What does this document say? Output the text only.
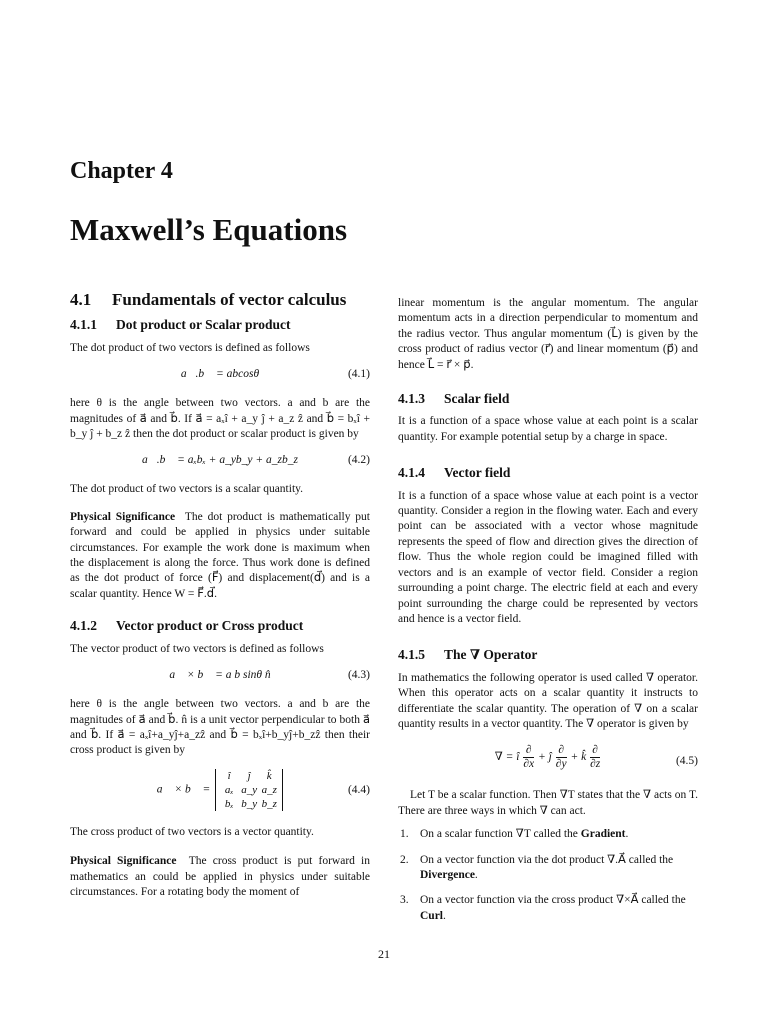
Chapter 4
Maxwell’s Equations
4.1 Fundamentals of vector calculus
4.1.1 Dot product or Scalar product

The dot product of two vectors is defined as follows

a⃗.b⃗ = abcosθ	(4.1)

here θ is the angle between two vectors. a and b are the magnitudes of a⃗ and b⃗. If a⃗ = aₓî + a_y ĵ + a_z ẑ and b⃗ = bₓî + b_y ĵ + b_z ẑ then the dot product or scalar product is given by

a⃗.b⃗ = aₓbₓ + a_yb_y + a_zb_z	(4.2)

The dot product of two vectors is a scalar quantity.

Physical Significance The dot product is mathematically put forward and could be applied in physics under suitable circumstances. For example the work done is maximum when the displacement is along the force. Thus work done is defined as the dot product of force (F⃗) and displacement(d⃗) and is a scalar quantity. Hence W = F⃗.d⃗.

4.1.2 Vector product or Cross product

The vector product of two vectors is defined as follows

a⃗ × b⃗ = a b sinθ n̂	(4.3)

here θ is the angle between two vectors. a and b are the magnitudes of a⃗ and b⃗. n̂ is a unit vector perpendicular to both a⃗ and b⃗. If a⃗ = aₓî+a_yĵ+a_zẑ and b⃗ = bₓî+b_yĵ+b_zẑ then their cross product is given by

a⃗ × b⃗ = î ĵ k̂
aₓ a_y a_z
bₓ b_y b_z
(4.4)

The cross product of two vectors is a vector quantity.

Physical Significance The cross product is put forward in mathematics an could be applied in physics under suitable circumstances. For a rotating body the moment of

linear momentum is the angular momentum. The angular momentum acts in a direction perpendicular to momentum and the radius vector. Thus angular momentum (L⃗) is given by the cross product of radius vector (r⃗) and linear momentum (p⃗) and hence L⃗ = r⃗ × p⃗.

4.1.3 Scalar field

It is a function of a space whose value at each point is a scalar quantity. For example potential setup by a charge in space.

4.1.4 Vector field

It is a function of a space whose value at each point is a vector quantity. Consider a region in the flowing water. Each and every point can be associated with a vector whose magnitude represents the speed of flow and direction gives the direction of flow. Thus the whole region could be imagined filled with vectors and is an example of vector field. Consider a region surrounding a point charge. The electric field at each and every point surrounding the charge could be represented by vectors and hence is a vector field.

4.1.5 The ∇ Operator

In mathematics the following operator is used called ∇ operator. When this operator acts on a scalar quantity it instructs to differentiate the scalar quantity. The operation of ∇ on a scalar quantity results in a vector quantity. The ∇ operator is given by

∇ = î $\frac{\partial}{\partial x}$ + ĵ $\frac{\partial}{\partial y}$ + k̂ $\frac{\partial}{\partial z}$	(4.5)

Let T be a scalar function. Then ∇T states that the ∇ acts on T. There are three ways in which ∇ can act.

1. On a scalar function ∇T called the Gradient.
2. On a vector function via the dot product ∇.A⃗ called the Divergence.
3. On a vector function via the cross product ∇×A⃗ called the Curl.
21
